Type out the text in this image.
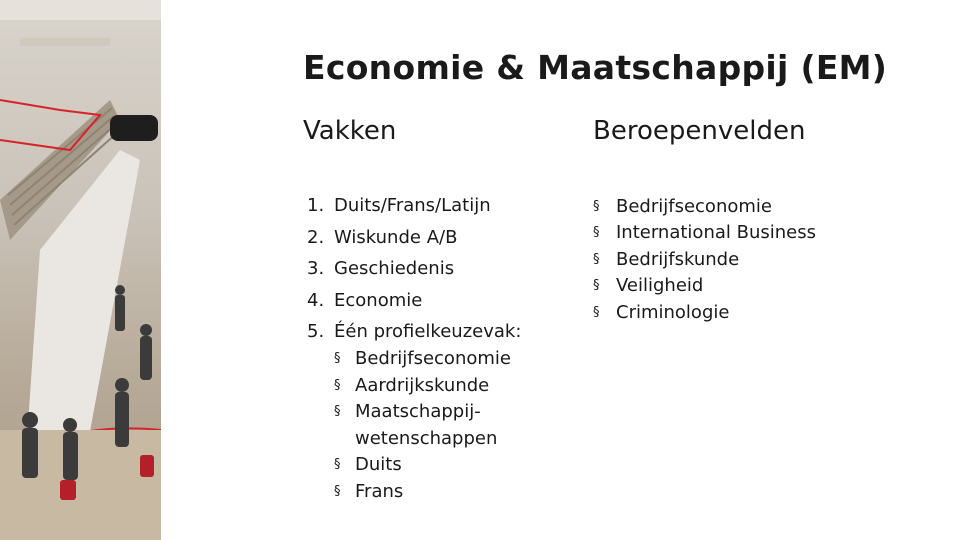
Economie & Maatschappij (EM)
Vakken	Beroepenvelden
1. Duits/Frans/Latijn
2. Wiskunde A/B
3. Geschiedenis
4. Economie
5. Één profielkeuzevak:
§ Bedrijfseconomie
§ Aardrijkskunde
§ Maatschappij-
wetenschappen
§ Duits
§ Frans
§ Bedrijfseconomie
§ International Business
§ Bedrijfskunde
§ Veiligheid
§ Criminologie
